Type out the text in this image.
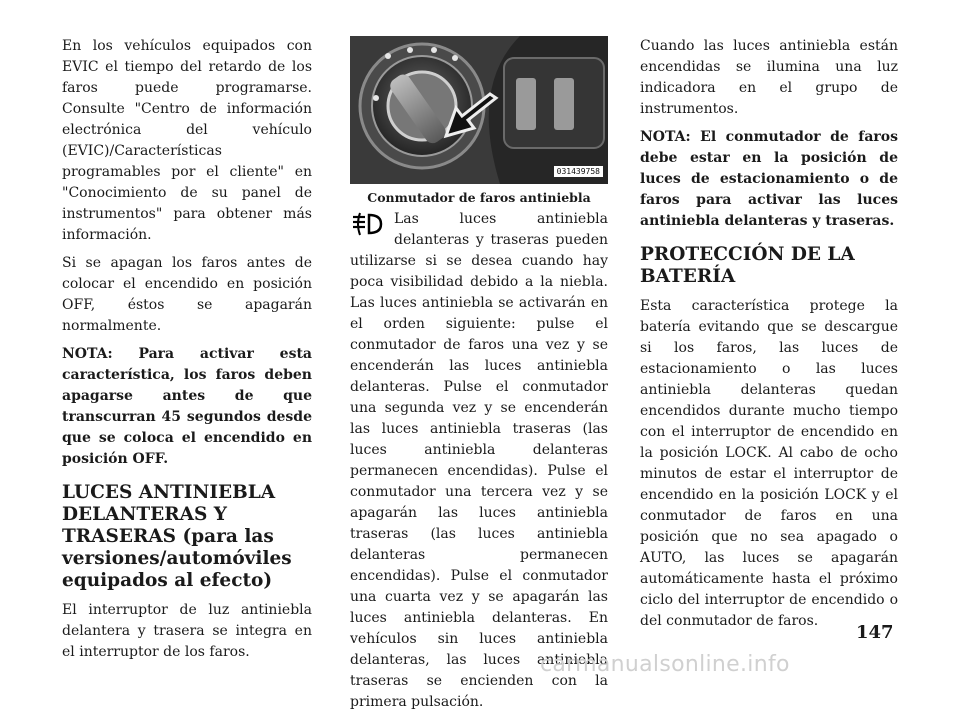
En los vehículos equipados con EVIC el tiempo del retardo de los faros puede programarse. Consulte "Centro de información electrónica del vehículo (EVIC)/Características programables por el cliente" en "Conocimiento de su panel de instrumentos" para obtener más información.

Si se apagan los faros antes de colocar el encendido en posición OFF, éstos se apagarán normalmente.

NOTA: Para activar esta característica, los faros deben apagarse antes de que transcurran 45 segundos desde que se coloca el encendido en posición OFF.

LUCES ANTINIEBLA DELANTERAS Y TRASERAS (para las versiones/automóviles equipados al efecto)

El interruptor de luz antiniebla delantera y trasera se integra en el interruptor de los faros.

031439758
Conmutador de faros antiniebla

Las luces antiniebla delanteras y traseras pueden utilizarse si se desea cuando hay poca visibilidad debido a la niebla. Las luces antiniebla se activarán en el orden siguiente: pulse el conmutador de faros una vez y se encenderán las luces antiniebla delanteras. Pulse el conmutador una segunda vez y se encenderán las luces antiniebla traseras (las luces antiniebla delanteras permanecen encendidas). Pulse el conmutador una tercera vez y se apagarán las luces antiniebla traseras (las luces antiniebla delanteras permanecen encendidas). Pulse el conmutador una cuarta vez y se apagarán las luces antiniebla delanteras. En vehículos sin luces antiniebla delanteras, las luces antiniebla traseras se encienden con la primera pulsación.

Cuando las luces antiniebla están encendidas se ilumina una luz indicadora en el grupo de instrumentos.

NOTA: El conmutador de faros debe estar en la posición de luces de estacionamiento o de faros para activar las luces antiniebla delanteras y traseras.

PROTECCIÓN DE LA BATERÍA

Esta característica protege la batería evitando que se descargue si los faros, las luces de estacionamiento o las luces antiniebla delanteras quedan encendidos durante mucho tiempo con el interruptor de encendido en la posición LOCK. Al cabo de ocho minutos de estar el interruptor de encendido en la posición LOCK y el conmutador de faros en una posición que no sea apagado o AUTO, las luces se apagarán automáticamente hasta el próximo ciclo del interruptor de encendido o del conmutador de faros.

147
carmanualsonline.info
